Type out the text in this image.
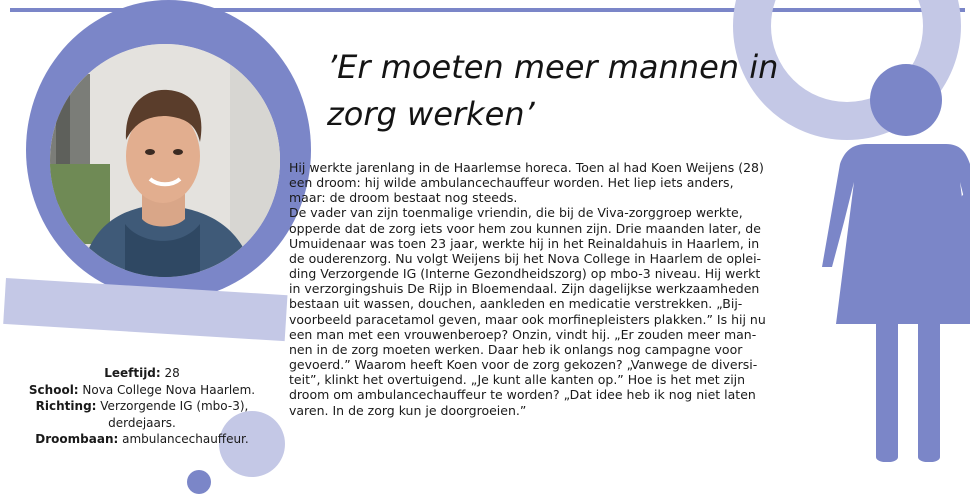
’Er moeten meer mannen in
zorg werken’
Hij werkte jarenlang in de Haarlemse horeca. Toen al had Koen Weijens (28)
een droom: hij wilde ambulancechauffeur worden. Het liep iets anders,
maar: de droom bestaat nog steeds.
De vader van zijn toenmalige vriendin, die bij de Viva-zorggroep werkte,
opperde dat de zorg iets voor hem zou kunnen zijn. Drie maanden later, de
Umuidenaar was toen 23 jaar, werkte hij in het Reinaldahuis in Haarlem, in
de ouderenzorg. Nu volgt Weijens bij het Nova College in Haarlem de oplei-
ding Verzorgende IG (Interne Gezondheidszorg) op mbo-3 niveau. Hij werkt
in verzorgingshuis De Rijp in Bloemendaal. Zijn dagelijkse werkzaamheden
bestaan uit wassen, douchen, aankleden en medicatie verstrekken. „Bij-
voorbeeld paracetamol geven, maar ook morfinepleisters plakken.” Is hij nu
een man met een vrouwenberoep? Onzin, vindt hij. „Er zouden meer man-
nen in de zorg moeten werken. Daar heb ik onlangs nog campagne voor
gevoerd.” Waarom heeft Koen voor de zorg gekozen? „Vanwege de diversi-
teit”, klinkt het overtuigend. „Je kunt alle kanten op.” Hoe is het met zijn
droom om ambulancechauffeur te worden? „Dat idee heb ik nog niet laten
varen. In de zorg kun je doorgroeien.”
Leeftijd: 28
School: Nova College Nova Haarlem.
Richting: Verzorgende IG (mbo-3),
derdejaars.
Droombaan: ambulancechauffeur.
